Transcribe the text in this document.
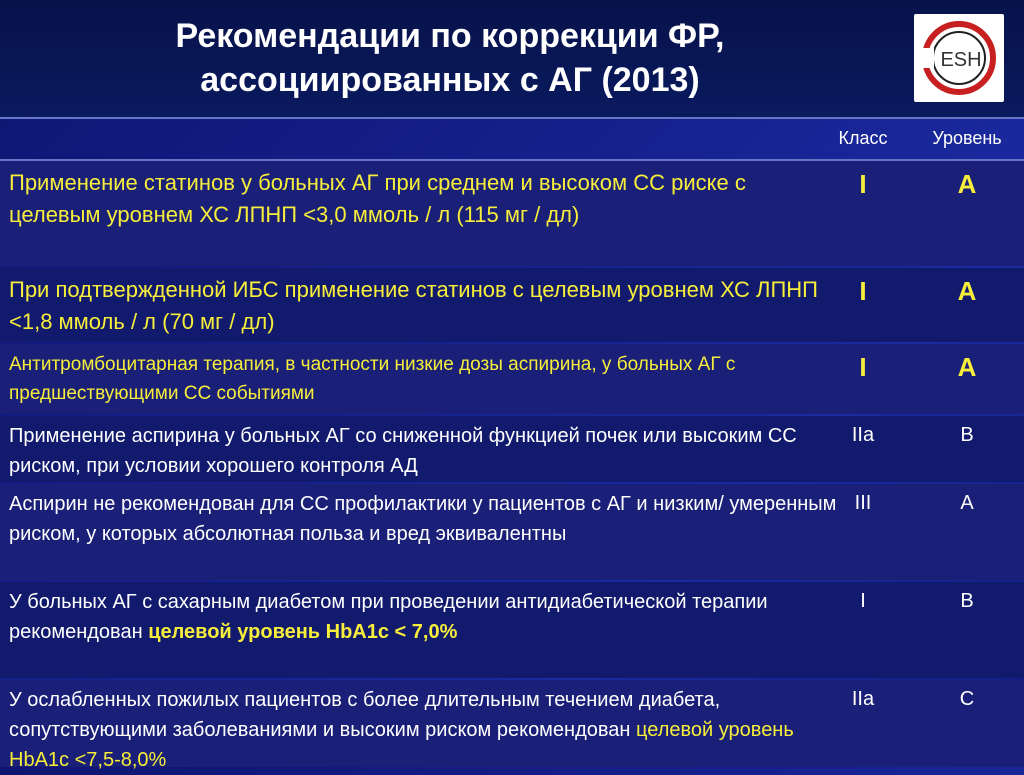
Рекомендации по коррекции ФР,
ассоциированных с АГ (2013)
ESH
Класс	Уровень
Применение статинов у больных АГ при среднем и высоком СС риске с целевым уровнем ХС ЛПНП <3,0 ммоль / л (115 мг / дл)
I	A
При подтвержденной ИБС применение статинов с целевым уровнем ХС ЛПНП <1,8 ммоль / л (70 мг / дл)
I	A
Антитромбоцитарная терапия, в частности низкие дозы аспирина, у больных АГ с предшествующими СС событиями
I	A
Применение аспирина у больных АГ со сниженной функцией почек или высоким СС риском, при условии хорошего контроля АД
IIa	B
Аспирин не рекомендован для СС профилактики у пациентов с АГ и низким/ умеренным риском, у которых абсолютная польза и вред эквивалентны
III	A
У больных АГ с сахарным диабетом при проведении антидиабетической терапии рекомендован целевой уровень HbA1c < 7,0%
I	B
У ослабленных пожилых пациентов с более длительным течением диабета, сопутствующими заболеваниями и высоким риском рекомендован целевой уровень HbA1c <7,5-8,0%
IIa	C
